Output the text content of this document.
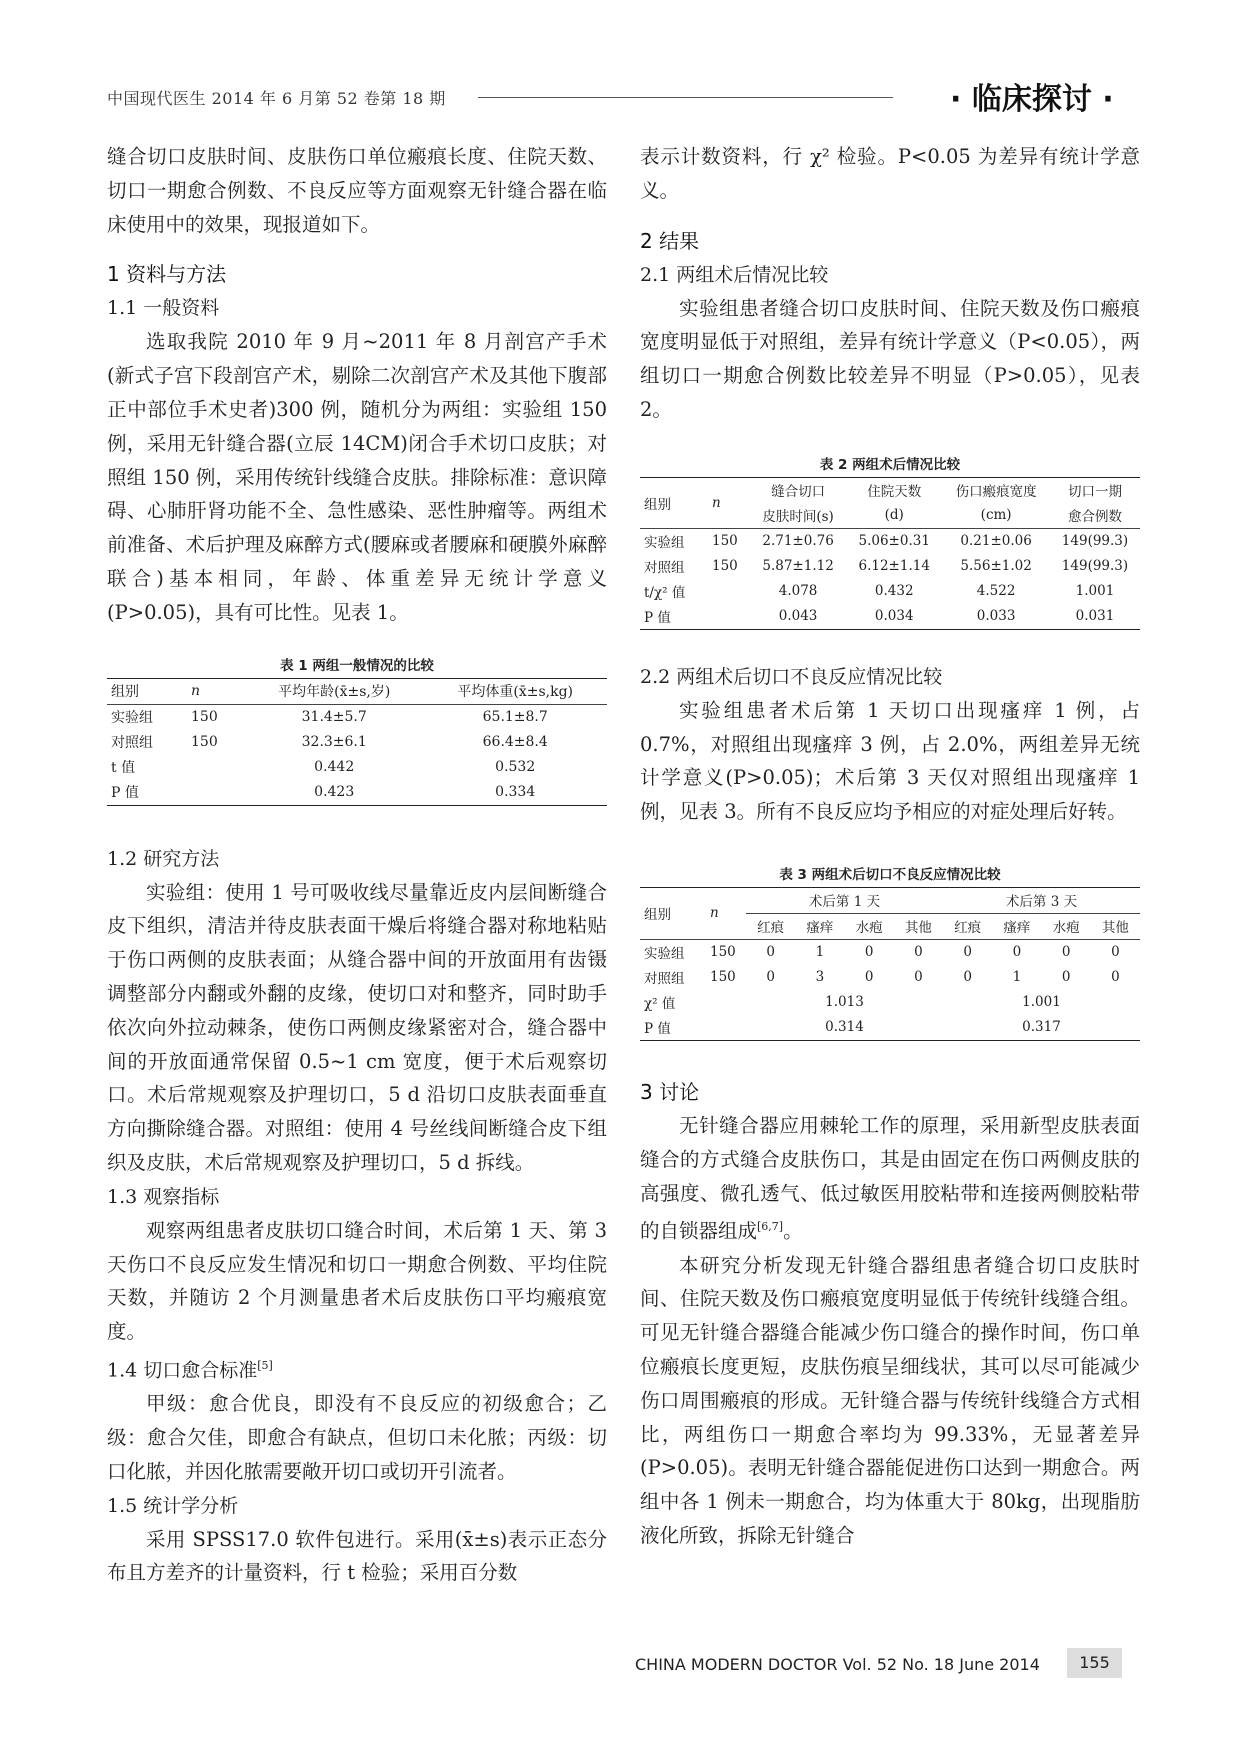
中国现代医生 2014 年 6 月第 52 卷第 18 期	· 临床探讨 ·

缝合切口皮肤时间、皮肤伤口单位瘢痕长度、住院天数、切口一期愈合例数、不良反应等方面观察无针缝合器在临床使用中的效果，现报道如下。

1 资料与方法

1.1 一般资料

选取我院 2010 年 9 月~2011 年 8 月剖宫产手术(新式子宫下段剖宫产术，剔除二次剖宫产术及其他下腹部正中部位手术史者)300 例，随机分为两组：实验组 150 例，采用无针缝合器(立辰 14CM)闭合手术切口皮肤；对照组 150 例，采用传统针线缝合皮肤。排除标准：意识障碍、心肺肝肾功能不全、急性感染、恶性肿瘤等。两组术前准备、术后护理及麻醉方式(腰麻或者腰麻和硬膜外麻醉联合)基本相同，年龄、体重差异无统计学意义(P>0.05)，具有可比性。见表 1。

表 1 两组一般情况的比较
组别	n	平均年龄(x̄±s,岁)	平均体重(x̄±s,kg)
实验组	150	31.4±5.7	65.1±8.7
对照组	150	32.3±6.1	66.4±8.4
t 值		0.442	0.532
P 值		0.423	0.334

1.2 研究方法

实验组：使用 1 号可吸收线尽量靠近皮内层间断缝合皮下组织，清洁并待皮肤表面干燥后将缝合器对称地粘贴于伤口两侧的皮肤表面；从缝合器中间的开放面用有齿镊调整部分内翻或外翻的皮缘，使切口对和整齐，同时助手依次向外拉动棘条，使伤口两侧皮缘紧密对合，缝合器中间的开放面通常保留 0.5~1 cm 宽度，便于术后观察切口。术后常规观察及护理切口，5 d 沿切口皮肤表面垂直方向撕除缝合器。对照组：使用 4 号丝线间断缝合皮下组织及皮肤，术后常规观察及护理切口，5 d 拆线。

1.3 观察指标

观察两组患者皮肤切口缝合时间，术后第 1 天、第 3 天伤口不良反应发生情况和切口一期愈合例数、平均住院天数，并随访 2 个月测量患者术后皮肤伤口平均瘢痕宽度。

1.4 切口愈合标准[5]

甲级：愈合优良，即没有不良反应的初级愈合；乙级：愈合欠佳，即愈合有缺点，但切口未化脓；丙级：切口化脓，并因化脓需要敞开切口或切开引流者。

1.5 统计学分析

采用 SPSS17.0 软件包进行。采用(x̄±s)表示正态分布且方差齐的计量资料，行 t 检验；采用百分数

表示计数资料，行 χ² 检验。P<0.05 为差异有统计学意义。

2 结果

2.1 两组术后情况比较

实验组患者缝合切口皮肤时间、住院天数及伤口瘢痕宽度明显低于对照组，差异有统计学意义（P<0.05），两组切口一期愈合例数比较差异不明显（P>0.05），见表 2。

表 2 两组术后情况比较
组别	n	缝合切口	住院天数	伤口瘢痕宽度	切口一期
		皮肤时间(s)	(d)	(cm)	愈合例数
实验组	150	2.71±0.76	5.06±0.31	0.21±0.06	149(99.3)
对照组	150	5.87±1.12	6.12±1.14	5.56±1.02	149(99.3)
t/χ² 值		4.078	0.432	4.522	1.001
P 值		0.043	0.034	0.033	0.031

2.2 两组术后切口不良反应情况比较

实验组患者术后第 1 天切口出现瘙痒 1 例，占 0.7%，对照组出现瘙痒 3 例，占 2.0%，两组差异无统计学意义(P>0.05)；术后第 3 天仅对照组出现瘙痒 1 例，见表 3。所有不良反应均予相应的对症处理后好转。

表 3 两组术后切口不良反应情况比较
组别	n	术后第 1 天				术后第 3 天			
		红痕	瘙痒	水疱	其他	红痕	瘙痒	水疱	其他
实验组	150	0	1	0	0	0	0	0	0
对照组	150	0	3	0	0	0	1	0	0
χ² 值		1.013				1.001			
P 值		0.314				0.317			

3 讨论

无针缝合器应用棘轮工作的原理，采用新型皮肤表面缝合的方式缝合皮肤伤口，其是由固定在伤口两侧皮肤的高强度、微孔透气、低过敏医用胶粘带和连接两侧胶粘带的自锁器组成[6,7]。

本研究分析发现无针缝合器组患者缝合切口皮肤时间、住院天数及伤口瘢痕宽度明显低于传统针线缝合组。可见无针缝合器缝合能减少伤口缝合的操作时间，伤口单位瘢痕长度更短，皮肤伤痕呈细线状，其可以尽可能减少伤口周围瘢痕的形成。无针缝合器与传统针线缝合方式相比，两组伤口一期愈合率均为 99.33%，无显著差异(P>0.05)。表明无针缝合器能促进伤口达到一期愈合。两组中各 1 例未一期愈合，均为体重大于 80kg，出现脂肪液化所致，拆除无针缝合

CHINA MODERN DOCTOR Vol. 52 No. 18 June 2014	155
